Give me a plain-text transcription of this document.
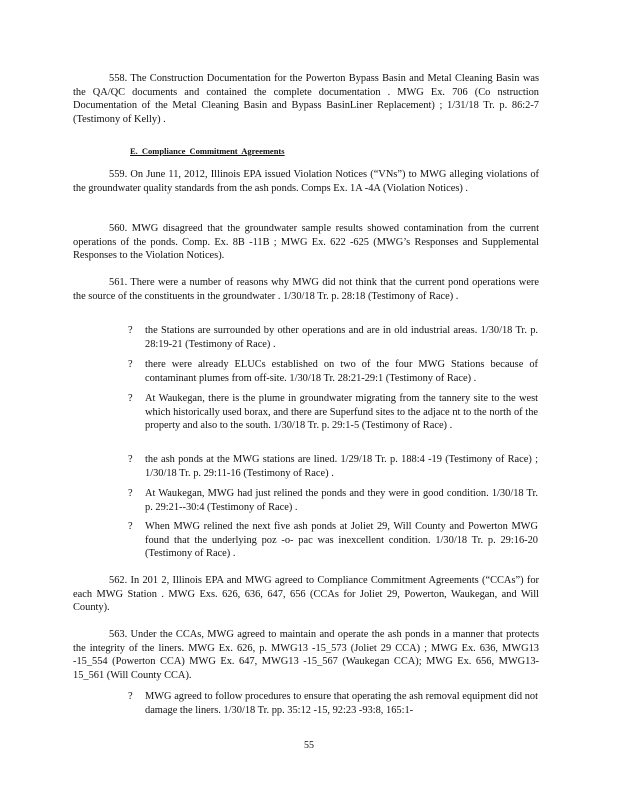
558. The Construction Documentation for the Powerton Bypass Basin and Metal Cleaning Basin was the QA/QC documents and contained the complete documentation . MWG Ex. 706 (Co nstruction Documentation of the Metal Cleaning Basin and Bypass BasinLiner Replacement) ; 1/31/18 Tr. p. 86:2-7 (Testimony of Kelly) .

E. Compliance Commitment Agreements

559. On June 11, 2012, Illinois EPA issued Violation Notices (“VNs”) to MWG alleging violations of the groundwater quality standards from the ash ponds. Comps Ex. 1A -4A (Violation Notices) .

560. MWG disagreed that the groundwater sample results showed contamination from the current operations of the ponds. Comp. Ex. 8B -11B ; MWG Ex. 622 -625 (MWG’s Responses and Supplemental Responses to the Violation Notices).

561. There were a number of reasons why MWG did not think that the current pond operations were the source of the constituents in the groundwater . 1/30/18 Tr. p. 28:18 (Testimony of Race) .

?	the Stations are surrounded by other operations and are in old industrial areas. 1/30/18 Tr. p. 28:19-21 (Testimony of Race) .
?	there were already ELUCs established on two of the four MWG Stations because of contaminant plumes from off-site. 1/30/18 Tr. 28:21-29:1 (Testimony of Race) .
?	At Waukegan, there is the plume in groundwater migrating from the tannery site to the west which historically used borax, and there are Superfund sites to the adjace nt to the north of the property and also to the south. 1/30/18 Tr. p. 29:1-5 (Testimony of Race) .
?	the ash ponds at the MWG stations are lined. 1/29/18 Tr. p. 188:4 -19 (Testimony of Race) ; 1/30/18 Tr. p. 29:11-16 (Testimony of Race) .
?	At Waukegan, MWG had just relined the ponds and they were in good condition. 1/30/18 Tr. p. 29:21--30:4 (Testimony of Race) .
?	When MWG relined the next five ash ponds at Joliet 29, Will County and Powerton MWG found that the underlying poz -o- pac was inexcellent condition. 1/30/18 Tr. p. 29:16-20 (Testimony of Race) .

562. In 201 2, Illinois EPA and MWG agreed to Compliance Commitment Agreements (“CCAs”) for each MWG Station . MWG Exs. 626, 636, 647, 656 (CCAs for Joliet 29, Powerton, Waukegan, and Will County).

563. Under the CCAs, MWG agreed to maintain and operate the ash ponds in a manner that protects the integrity of the liners. MWG Ex. 626, p. MWG13 -15_573 (Joliet 29 CCA) ; MWG Ex. 636, MWG13 -15_554 (Powerton CCA) MWG Ex. 647, MWG13 -15_567 (Waukegan CCA); MWG Ex. 656, MWG13-15_561 (Will County CCA).

?	MWG agreed to follow procedures to ensure that operating the ash removal equipment did not damage the liners. 1/30/18 Tr. pp. 35:12 -15, 92:23 -93:8, 165:1-
55
